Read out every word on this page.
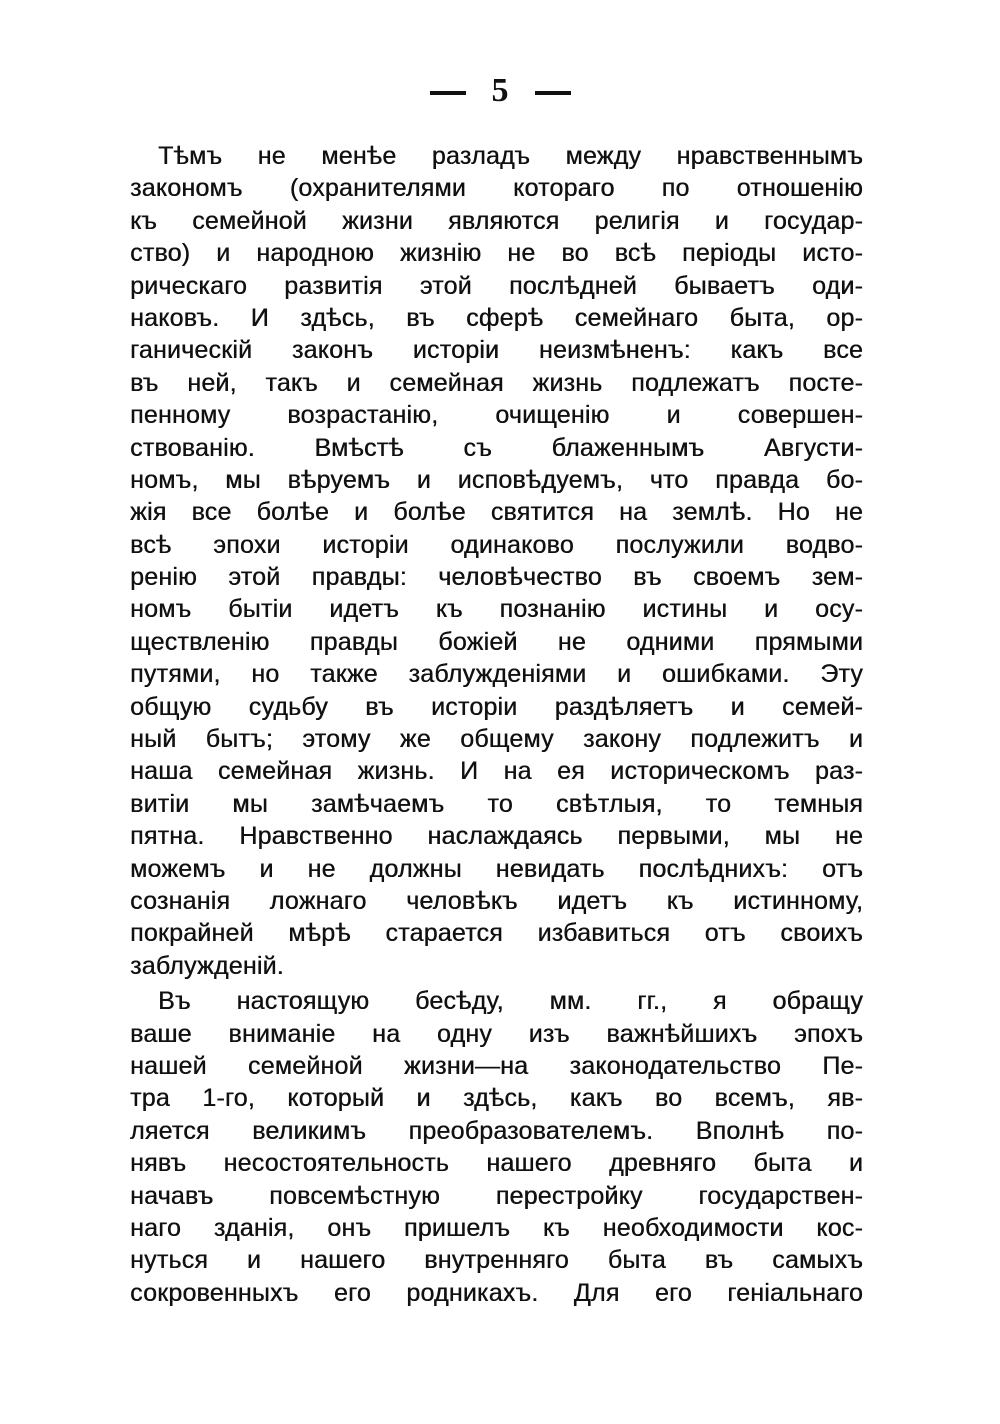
5
Тѣмъ не менѣе разладъ между нравственнымъ
закономъ (охранителями котораго по отношенію
къ семейной жизни являются религія и государ-
ство) и народною жизнію не во всѣ періоды исто-
рическаго развитія этой послѣдней бываетъ оди-
наковъ. И здѣсь, въ сферѣ семейнаго быта, ор-
ганическій законъ исторіи неизмѣненъ: какъ все
въ ней, такъ и семейная жизнь подлежатъ посте-
пенному возрастанію, очищенію и совершен-
ствованію. Вмѣстѣ съ блаженнымъ Августи-
номъ, мы вѣруемъ и исповѣдуемъ, что правда бо-
жія все болѣе и болѣе святится на землѣ. Но не
всѣ эпохи исторіи одинаково послужили водво-
ренію этой правды: человѣчество въ своемъ зем-
номъ бытіи идетъ къ познанію истины и осу-
ществленію правды божіей не одними прямыми
путями, но также заблужденіями и ошибками. Эту
общую судьбу въ исторіи раздѣляетъ и семей-
ный бытъ; этому же общему закону подлежитъ и
наша семейная жизнь. И на ея историческомъ раз-
витіи мы замѣчаемъ то свѣтлыя, то темныя
пятна. Нравственно наслаждаясь первыми, мы не
можемъ и не должны невидать послѣднихъ: отъ
сознанія ложнаго человѣкъ идетъ къ истинному,
покрайней мѣрѣ старается избавиться отъ своихъ
заблужденій.
Въ настоящую бесѣду, мм. гг., я обращу
ваше вниманіе на одну изъ важнѣйшихъ эпохъ
нашей семейной жизни—на законодательство Пе-
тра 1-го, который и здѣсь, какъ во всемъ, яв-
ляется великимъ преобразователемъ. Вполнѣ по-
нявъ несостоятельность нашего древняго быта и
начавъ повсемѣстную перестройку государствен-
наго зданія, онъ пришелъ къ необходимости кос-
нуться и нашего внутренняго быта въ самыхъ
сокровенныхъ его родникахъ. Для его геніальнаго
